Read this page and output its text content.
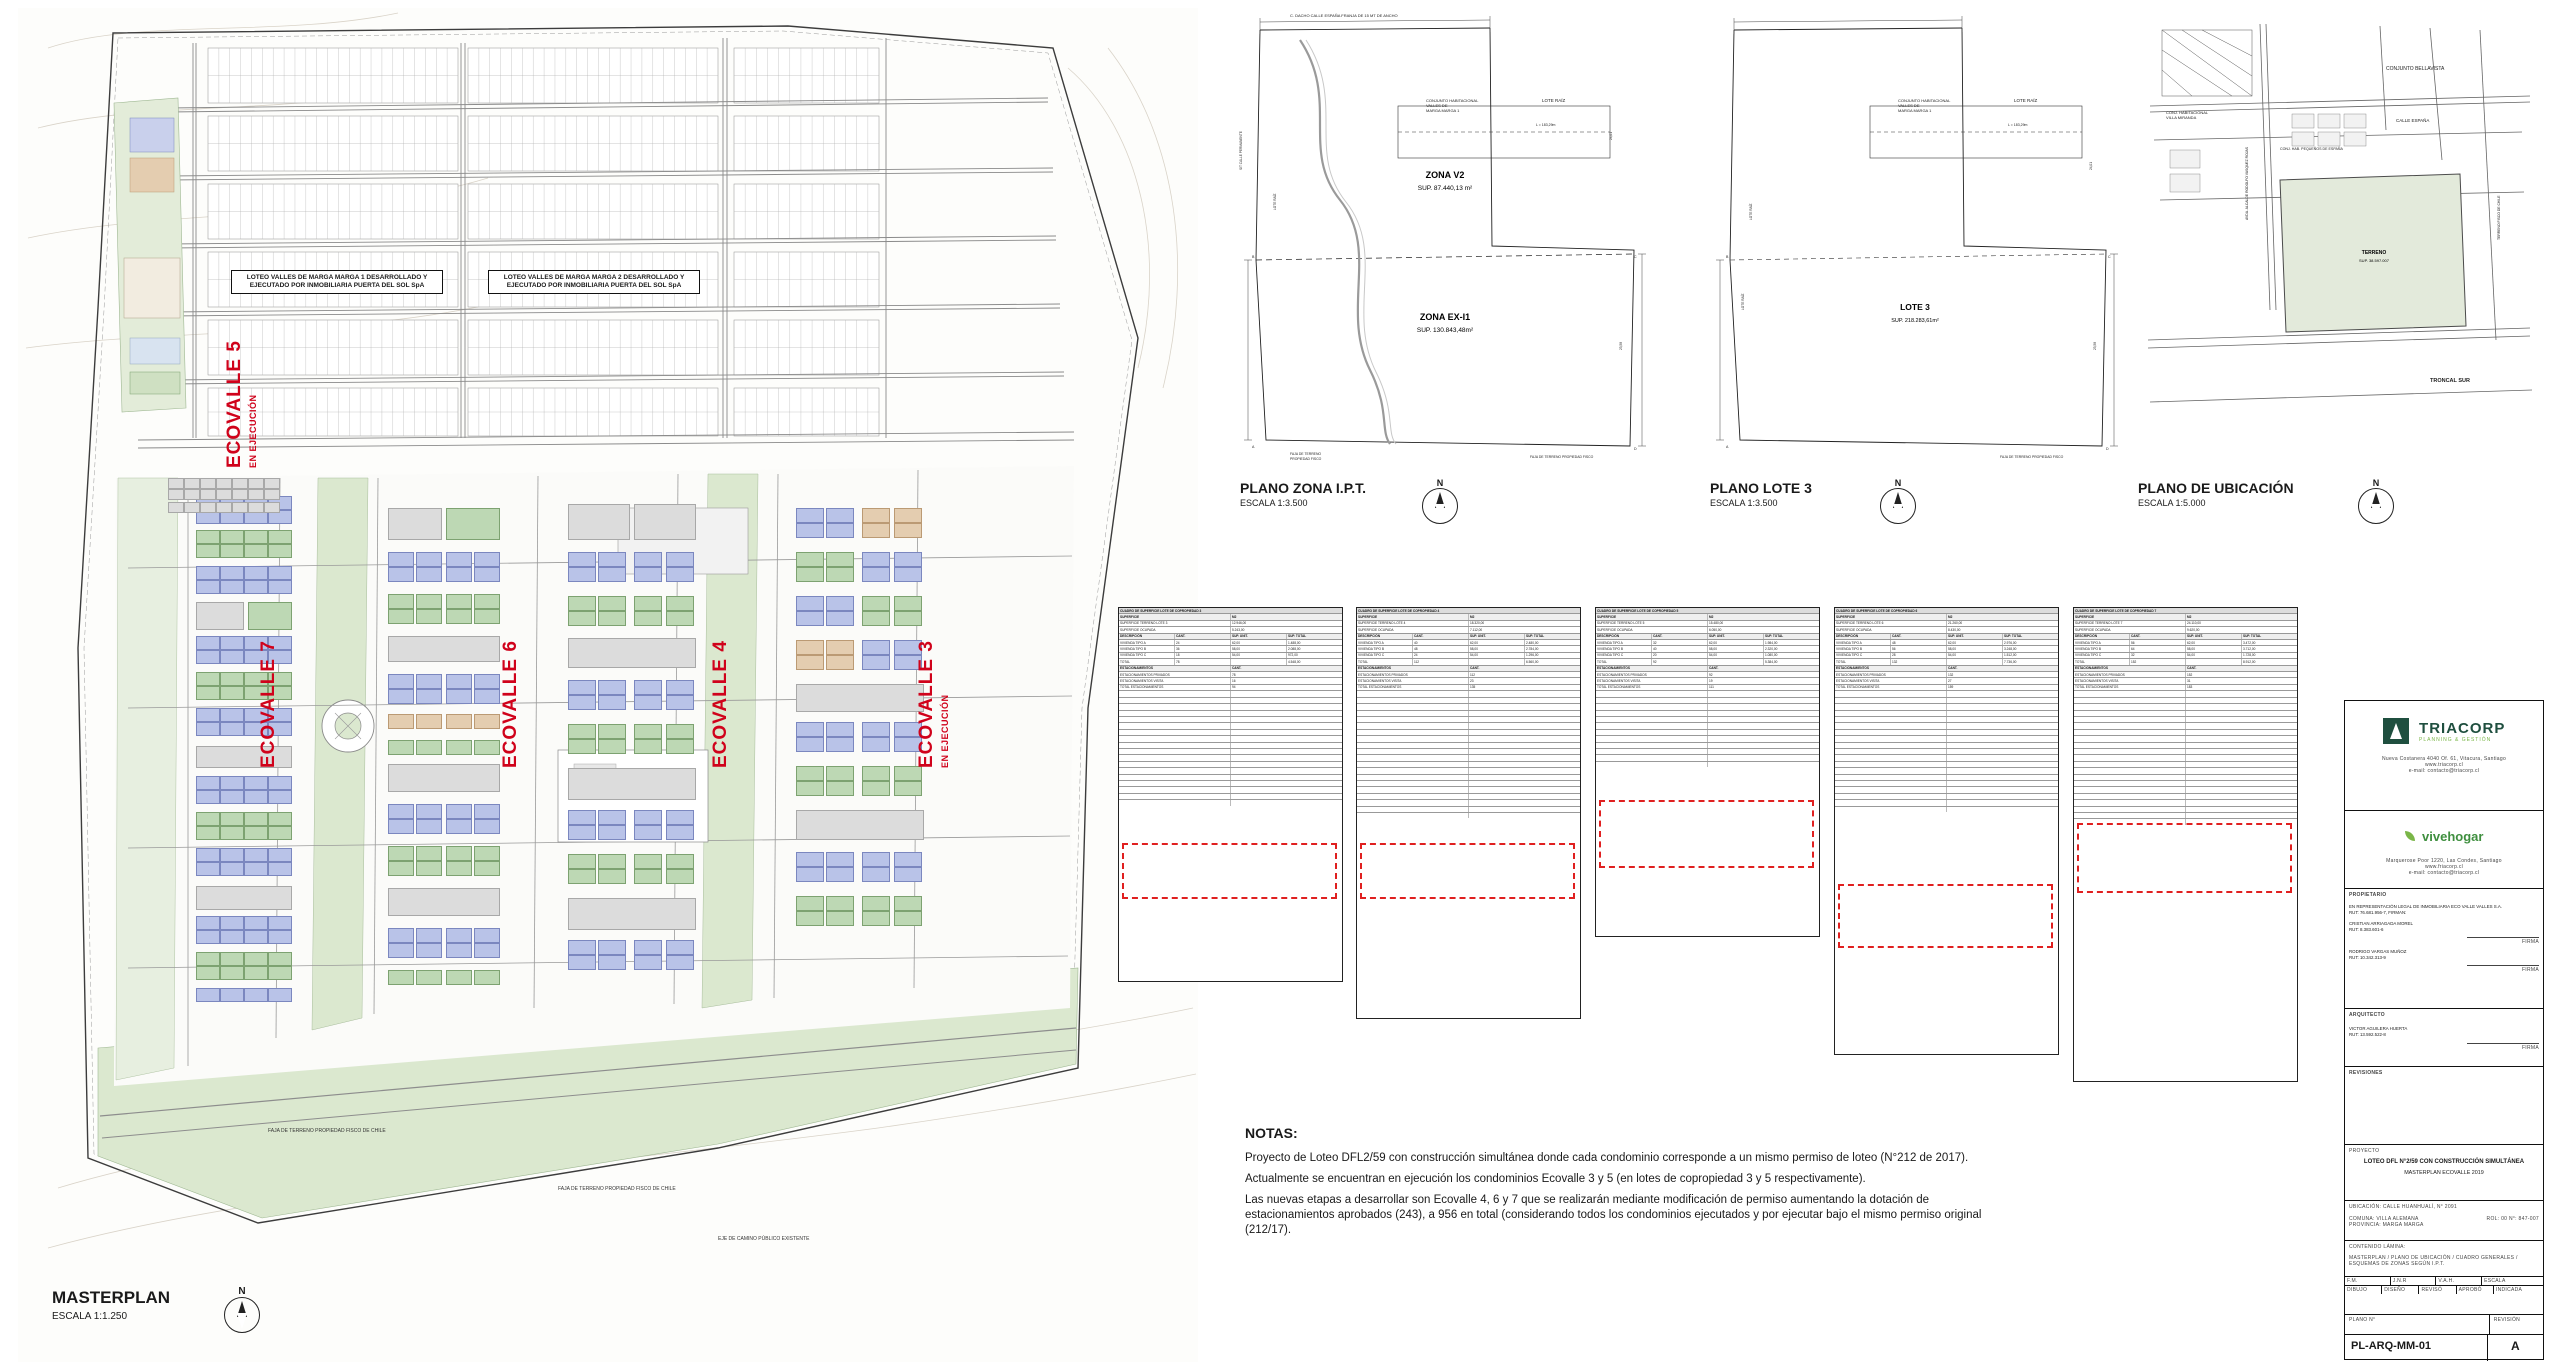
ECOVALLE 5 EN EJECUCIÓN
ECOVALLE 7	ECOVALLE 6	ECOVALLE 4	ECOVALLE 3 EN EJECUCIÓN
LOTEO VALLES DE MARGA MARGA 1 DESARROLLADO Y EJECUTADO POR INMOBILIARIA PUERTA DEL SOL SpA
LOTEO VALLES DE MARGA MARGA 2 DESARROLLADO Y EJECUTADO POR INMOBILIARIA PUERTA DEL SOL SpA
FAJA DE TERRENO PROPIEDAD FISCO DE CHILE
FAJA DE TERRENO PROPIEDAD FISCO DE CHILE
EJE DE CAMINO PÚBLICO EXISTENTE
MASTERPLAN
ESCALA 1:1.250
N
C. DACHO CALLE ESPAÑA FRANJA DE 15 MT DE ANCHO
CONJUNTO HABITACIONAL
VALLES DE
MARGA MARGA 1
LOTE RAÍZ
L = 183,29m
24,01
23,58
SIT CALLE PERMANENTE
LOTE RAÍZ
FAJA DE TERRENO
PROPIEDAD FISCO	FAJA DE TERRENO PROPIEDAD FISCO
B	C
A	D
ZONA V2
SUP. 87.440,13 m²
ZONA EX-I1
SUP. 130.843,48m²
PLANO ZONA I.P.T.
ESCALA 1:3.500
N
CONJUNTO HABITACIONAL
VALLES DE
MARGA MARGA 1
LOTE RAÍZ
L = 183,29m
24,01
23,58
LOTE RAÍZ
LOTE RAÍZ
FAJA DE TERRENO PROPIEDAD FISCO
B	C
A	D
LOTE 3
SUP. 218.283,61m²
PLANO LOTE 3
ESCALA 1:3.500
N
CONJ. HABITACIONAL
VILLA MIRANDA
CONJUNTO BELLAVISTA
CONJ. HAB. PEQUEÑOS DE ESPAÑA
CALLE ESPAÑA
AVDA. ALCALDE RODOLFO VASQUEZ ROJAS	TERRENO FISCO DE CHILE
TRONCAL SUR
TERRENO
SUP. 38.597.007
PLANO DE UBICACIÓN
ESCALA 1:5.000
N
CUADRO DE SUPERFICIE LOTE DE COPROPIEDAD 3
SUPERFICIE	M2
SUPERFICIE TERRENO LOTE 3	12.946,00
SUPERFICIE OCUPADA	5.243,00
DESCRIPCIÓN	CANT.	SUP. UNIT.	SUP. TOTAL
VIVIENDA TIPO A	24	62,00	1.488,00
VIVIENDA TIPO B	36	58,00	2.088,00
VIVIENDA TIPO C	18	54,00	972,00
TOTAL	78	4.548,00
ESTACIONAMIENTOS	CANT.
ESTACIONAMIENTOS PRIVADOS	78
ESTACIONAMIENTOS VISITA	16
TOTAL ESTACIONAMIENTOS	94

CUADRO DE SUPERFICIE LOTE DE COPROPIEDAD 4
SUPERFICIE	M2
SUPERFICIE TERRENO LOTE 4	18.320,00
SUPERFICIE OCUPADA	7.112,00
DESCRIPCIÓN	CANT.	SUP. UNIT.	SUP. TOTAL
VIVIENDA TIPO A	40	62,00	2.480,00
VIVIENDA TIPO B	48	58,00	2.784,00
VIVIENDA TIPO C	24	54,00	1.296,00
TOTAL	112	6.560,00
ESTACIONAMIENTOS	CANT.
ESTACIONAMIENTOS PRIVADOS	112
ESTACIONAMIENTOS VISITA	23
TOTAL ESTACIONAMIENTOS	135

CUADRO DE SUPERFICIE LOTE DE COPROPIEDAD 5
SUPERFICIE	M2
SUPERFICIE TERRENO LOTE 5	15.480,00
SUPERFICIE OCUPADA	6.050,00
DESCRIPCIÓN	CANT.	SUP. UNIT.	SUP. TOTAL
VIVIENDA TIPO A	32	62,00	1.984,00
VIVIENDA TIPO B	40	58,00	2.320,00
VIVIENDA TIPO C	20	54,00	1.080,00
TOTAL	92	5.384,00
ESTACIONAMIENTOS	CANT.
ESTACIONAMIENTOS PRIVADOS	92
ESTACIONAMIENTOS VISITA	19
TOTAL ESTACIONAMIENTOS	111

CUADRO DE SUPERFICIE LOTE DE COPROPIEDAD 6
SUPERFICIE	M2
SUPERFICIE TERRENO LOTE 6	21.260,00
SUPERFICIE OCUPADA	8.430,00
DESCRIPCIÓN	CANT.	SUP. UNIT.	SUP. TOTAL
VIVIENDA TIPO A	48	62,00	2.976,00
VIVIENDA TIPO B	56	58,00	3.248,00
VIVIENDA TIPO C	28	54,00	1.512,00
TOTAL	132	7.736,00
ESTACIONAMIENTOS	CANT.
ESTACIONAMIENTOS PRIVADOS	132
ESTACIONAMIENTOS VISITA	27
TOTAL ESTACIONAMIENTOS	159

CUADRO DE SUPERFICIE LOTE DE COPROPIEDAD 7
SUPERFICIE	M2
SUPERFICIE TERRENO LOTE 7	24.110,00
SUPERFICIE OCUPADA	9.620,00
DESCRIPCIÓN	CANT.	SUP. UNIT.	SUP. TOTAL
VIVIENDA TIPO A	56	62,00	3.472,00
VIVIENDA TIPO B	64	58,00	3.712,00
VIVIENDA TIPO C	32	54,00	1.728,00
TOTAL	152	8.912,00
ESTACIONAMIENTOS	CANT.
ESTACIONAMIENTOS PRIVADOS	152
ESTACIONAMIENTOS VISITA	31
TOTAL ESTACIONAMIENTOS	183

NOTAS:

Proyecto de Loteo DFL2/59 con construcción simultánea donde cada condominio corresponde a un mismo permiso de loteo (N°212 de 2017).

Actualmente se encuentran en ejecución los condominios Ecovalle 3 y 5 (en lotes de copropiedad 3 y 5 respectivamente).

Las nuevas etapas a desarrollar son Ecovalle 4, 6 y 7 que se realizarán mediante modificación de permiso aumentando la dotación de estacionamientos aprobados (243), a 956 en total (considerando todos los condominios ejecutados y por ejecutar bajo el mismo permiso original (212/17).

TRIACORP
PLANNING & GESTIÓN
Nueva Costanera 4040 Of. 61, Vitacura, Santiago
www.triacorp.cl
e-mail: contacto@triacorp.cl
vivehogar
Marquerose Poor 1220, Las Condes, Santiago
www.friacorp.cl
e-mail: contacto@triacorp.cl
PROPIETARIO
EN REPRESENTACIÓN LEGAL DE INMOBILIARIA ECO VALLE VALLES S.A.
RUT: 76.681.956-7, FIRMAN:
CRISTIAN ARRIAGADA MOREL
RUT: 8.383.601-6
FIRMA
RODRIGO VARGAS MUÑOZ
RUT: 10.342.313-9
FIRMA
ARQUITECTO
VICTOR AGUILERA HUERTA
RUT: 13.592.522-8
FIRMA
REVISIONES
PROYECTO
LOTEO DFL N°2/59 CON CONSTRUCCIÓN SIMULTÁNEA
MASTERPLAN ECOVALLE 2019
UBICACIÓN: CALLE HUANHUALÍ, N° 2091
COMUNA: VILLA ALEMANA
PROVINCIA: MARGA MARGA
ROL: 00 N°: 847-007
CONTENIDO LÁMINA:
MASTERPLAN / PLANO DE UBICACIÓN / CUADRO GENERALES / ESQUEMAS DE ZONAS SEGÚN I.P.T.
F.M.	J.N.R	V.A.H.	ESCALA
DIBUJO	DISEÑO	REVISÓ	APROBÓ	INDICADA
PLANO N°	REVISIÓN
PL-ARQ-MM-01	A
